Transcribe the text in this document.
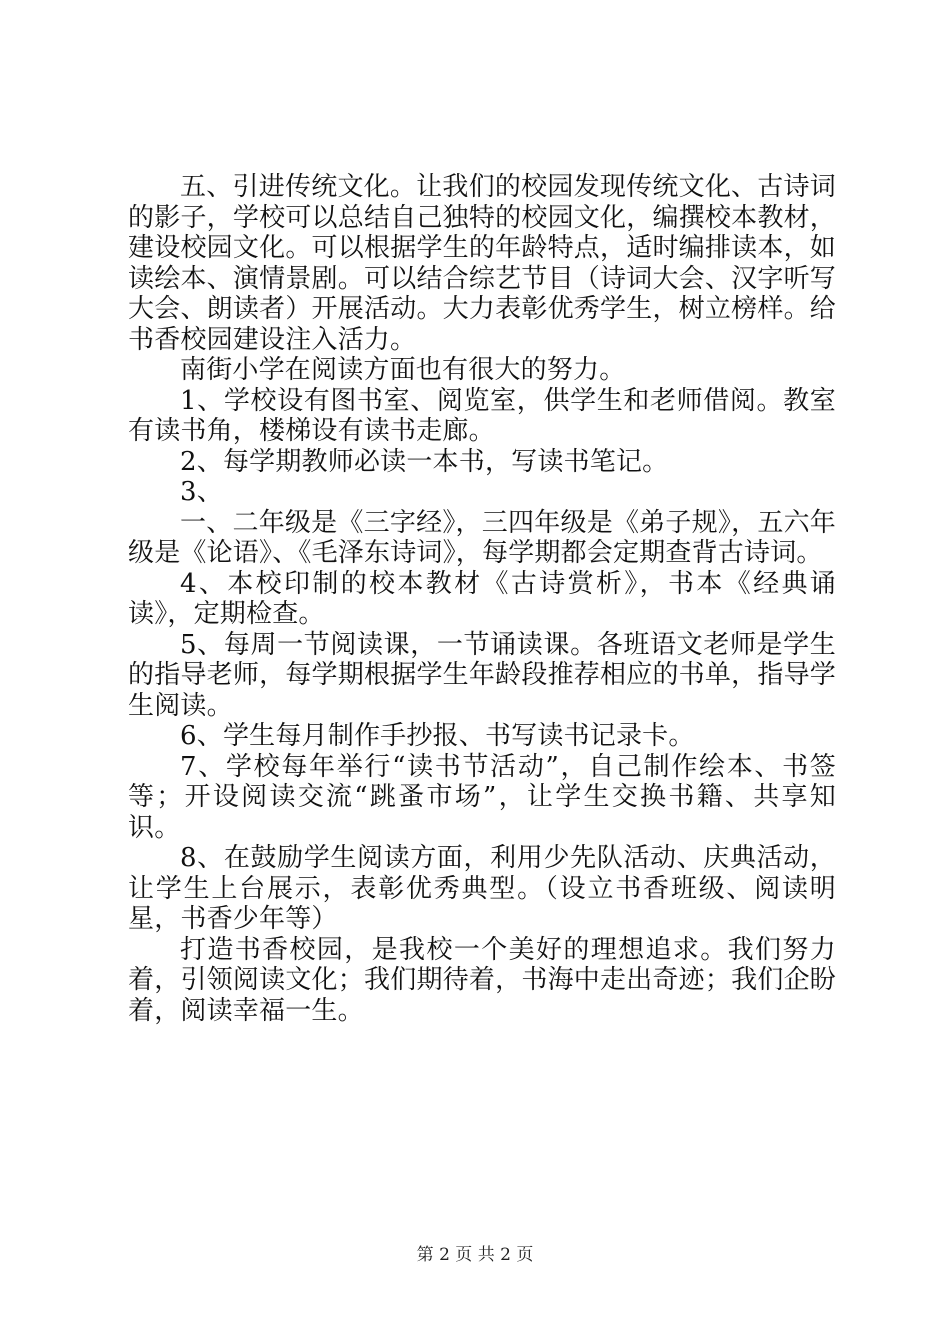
五、引进传统文化。让我们的校园发现传统文化、古诗词的影子，学校可以总结自己独特的校园文化，编撰校本教材，建设校园文化。可以根据学生的年龄特点，适时编排读本，如读绘本、演情景剧。可以结合综艺节目（诗词大会、汉字听写大会、朗读者）开展活动。大力表彰优秀学生，树立榜样。给书香校园建设注入活力。

南街小学在阅读方面也有很大的努力。

1、学校设有图书室、阅览室，供学生和老师借阅。教室有读书角，楼梯设有读书走廊。

2、每学期教师必读一本书，写读书笔记。

3、

一、二年级是《三字经》，三四年级是《弟子规》，五六年级是《论语》、《毛泽东诗词》，每学期都会定期查背古诗词。

4、本校印制的校本教材《古诗赏析》，书本《经典诵读》，定期检查。

5、每周一节阅读课，一节诵读课。各班语文老师是学生的指导老师，每学期根据学生年龄段推荐相应的书单，指导学生阅读。

6、学生每月制作手抄报、书写读书记录卡。

7、学校每年举行“读书节活动”，自己制作绘本、书签等；开设阅读交流“跳蚤市场”，让学生交换书籍、共享知识。

8、在鼓励学生阅读方面，利用少先队活动、庆典活动，让学生上台展示，表彰优秀典型。（设立书香班级、阅读明星，书香少年等）

打造书香校园，是我校一个美好的理想追求。我们努力着，引领阅读文化；我们期待着，书海中走出奇迹；我们企盼着，阅读幸福一生。

第 2 页 共 2 页
